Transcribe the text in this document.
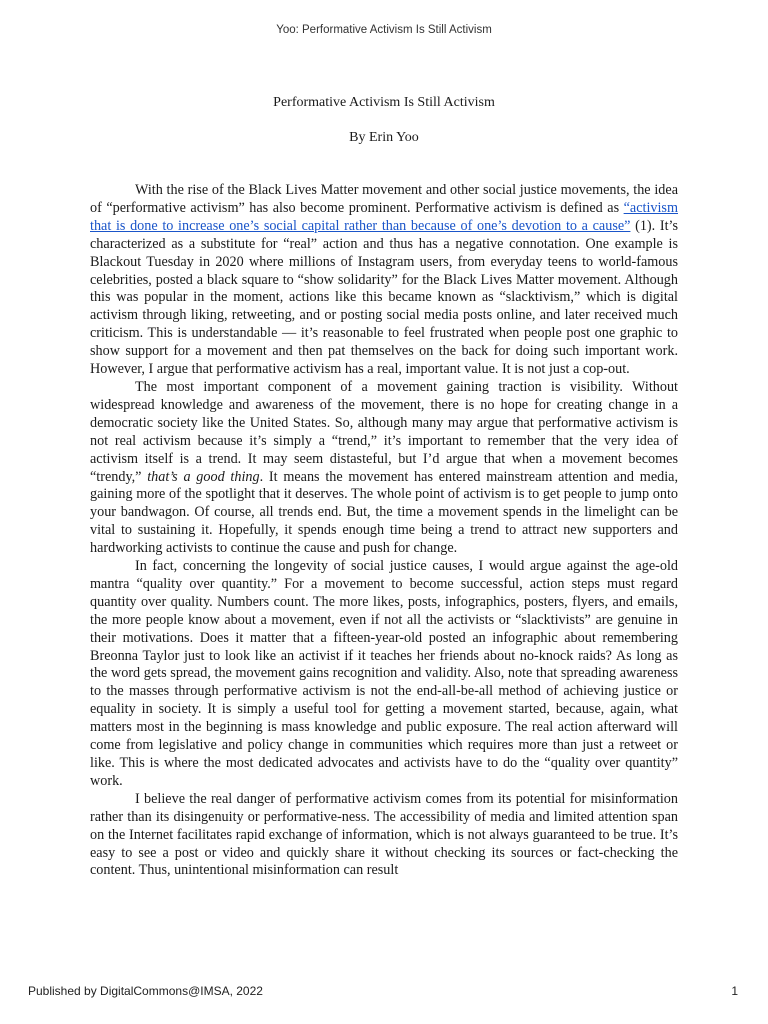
Yoo: Performative Activism Is Still Activism
Performative Activism Is Still Activism
By Erin Yoo

With the rise of the Black Lives Matter movement and other social justice movements, the idea of “performative activism” has also become prominent. Performative activism is defined as “activism that is done to increase one’s social capital rather than because of one’s devotion to a cause” (1). It’s characterized as a substitute for “real” action and thus has a negative connotation. One example is Blackout Tuesday in 2020 where millions of Instagram users, from everyday teens to world-famous celebrities, posted a black square to “show solidarity” for the Black Lives Matter movement. Although this was popular in the moment, actions like this became known as “slacktivism,” which is digital activism through liking, retweeting, and or posting social media posts online, and later received much criticism. This is understandable — it’s reasonable to feel frustrated when people post one graphic to show support for a movement and then pat themselves on the back for doing such important work. However, I argue that performative activism has a real, important value. It is not just a cop-out.

The most important component of a movement gaining traction is visibility. Without widespread knowledge and awareness of the movement, there is no hope for creating change in a democratic society like the United States. So, although many may argue that performative activism is not real activism because it’s simply a “trend,” it’s important to remember that the very idea of activism itself is a trend. It may seem distasteful, but I’d argue that when a movement becomes “trendy,” that’s a good thing. It means the movement has entered mainstream attention and media, gaining more of the spotlight that it deserves. The whole point of activism is to get people to jump onto your bandwagon. Of course, all trends end. But, the time a movement spends in the limelight can be vital to sustaining it. Hopefully, it spends enough time being a trend to attract new supporters and hardworking activists to continue the cause and push for change.

In fact, concerning the longevity of social justice causes, I would argue against the age-old mantra “quality over quantity.” For a movement to become successful, action steps must regard quantity over quality. Numbers count. The more likes, posts, infographics, posters, flyers, and emails, the more people know about a movement, even if not all the activists or “slacktivists” are genuine in their motivations. Does it matter that a fifteen-year-old posted an infographic about remembering Breonna Taylor just to look like an activist if it teaches her friends about no-knock raids? As long as the word gets spread, the movement gains recognition and validity. Also, note that spreading awareness to the masses through performative activism is not the end-all-be-all method of achieving justice or equality in society. It is simply a useful tool for getting a movement started, because, again, what matters most in the beginning is mass knowledge and public exposure. The real action afterward will come from legislative and policy change in communities which requires more than just a retweet or like. This is where the most dedicated advocates and activists have to do the “quality over quantity” work.

I believe the real danger of performative activism comes from its potential for misinformation rather than its disingenuity or performative-ness. The accessibility of media and limited attention span on the Internet facilitates rapid exchange of information, which is not always guaranteed to be true. It’s easy to see a post or video and quickly share it without checking its sources or fact-checking the content. Thus, unintentional misinformation can result

Published by DigitalCommons@IMSA, 2022	1
